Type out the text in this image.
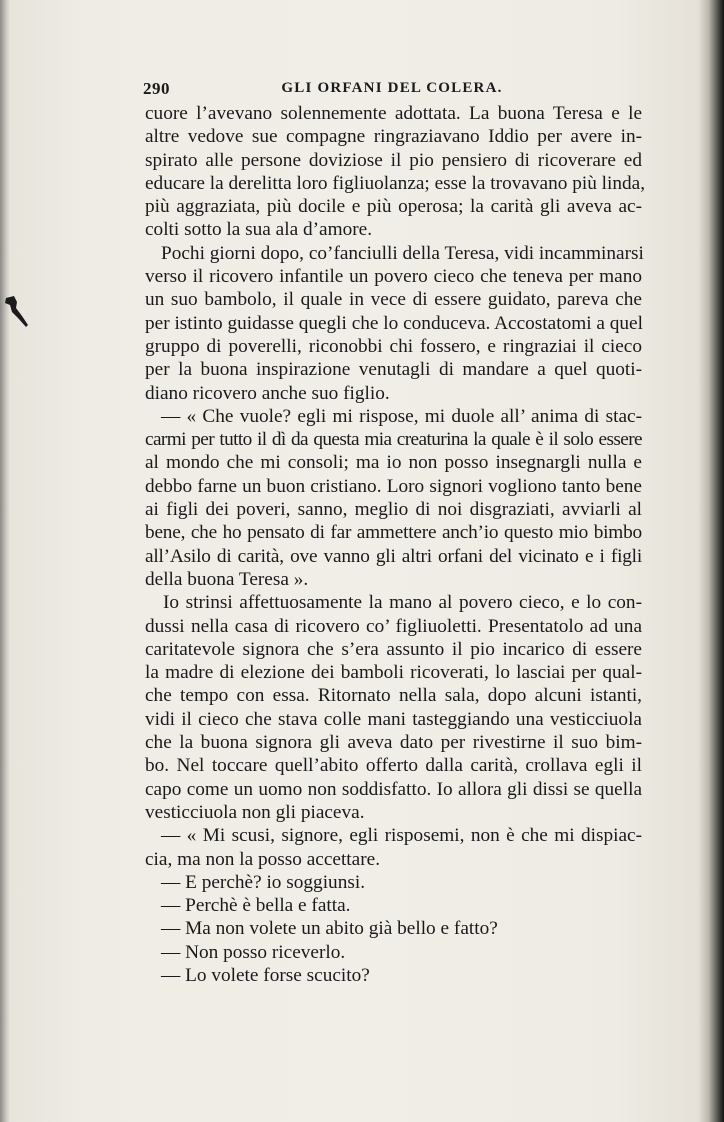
290	GLI ORFANI DEL COLERA.

cuore l’avevano solennemente adottata. La buona Teresa e le

altre vedove sue compagne ringraziavano Iddio per avere in-

spirato alle persone doviziose il pio pensiero di ricoverare ed

educare la derelitta loro figliuolanza; esse la trovavano più linda,

più aggraziata, più docile e più operosa; la carità gli aveva ac-

colti sotto la sua ala d’amore.

Pochi giorni dopo, co’fanciulli della Teresa, vidi incamminarsi

verso il ricovero infantile un povero cieco che teneva per mano

un suo bambolo, il quale in vece di essere guidato, pareva che

per istinto guidasse quegli che lo conduceva. Accostatomi a quel

gruppo di poverelli, riconobbi chi fossero, e ringraziai il cieco

per la buona inspirazione venutagli di mandare a quel quoti-

diano ricovero anche suo figlio.

— « Che vuole? egli mi rispose, mi duole all’ anima di stac-

carmi per tutto il dì da questa mia creaturina la quale è il solo essere

al mondo che mi consoli; ma io non posso insegnargli nulla e

debbo farne un buon cristiano. Loro signori vogliono tanto bene

ai figli dei poveri, sanno, meglio di noi disgraziati, avviarli al

bene, che ho pensato di far ammettere anch’io questo mio bimbo

all’Asilo di carità, ove vanno gli altri orfani del vicinato e i figli

della buona Teresa ».

Io strinsi affettuosamente la mano al povero cieco, e lo con-

dussi nella casa di ricovero co’ figliuoletti. Presentatolo ad una

caritatevole signora che s’era assunto il pio incarico di essere

la madre di elezione dei bamboli ricoverati, lo lasciai per qual-

che tempo con essa. Ritornato nella sala, dopo alcuni istanti,

vidi il cieco che stava colle mani tasteggiando una vesticciuola

che la buona signora gli aveva dato per rivestirne il suo bim-

bo. Nel toccare quell’abito offerto dalla carità, crollava egli il

capo come un uomo non soddisfatto. Io allora gli dissi se quella

vesticciuola non gli piaceva.

— « Mi scusi, signore, egli risposemi, non è che mi dispiac-

cia, ma non la posso accettare.

— E perchè? io soggiunsi.

— Perchè è bella e fatta.

— Ma non volete un abito già bello e fatto?

— Non posso riceverlo.

— Lo volete forse scucito?
